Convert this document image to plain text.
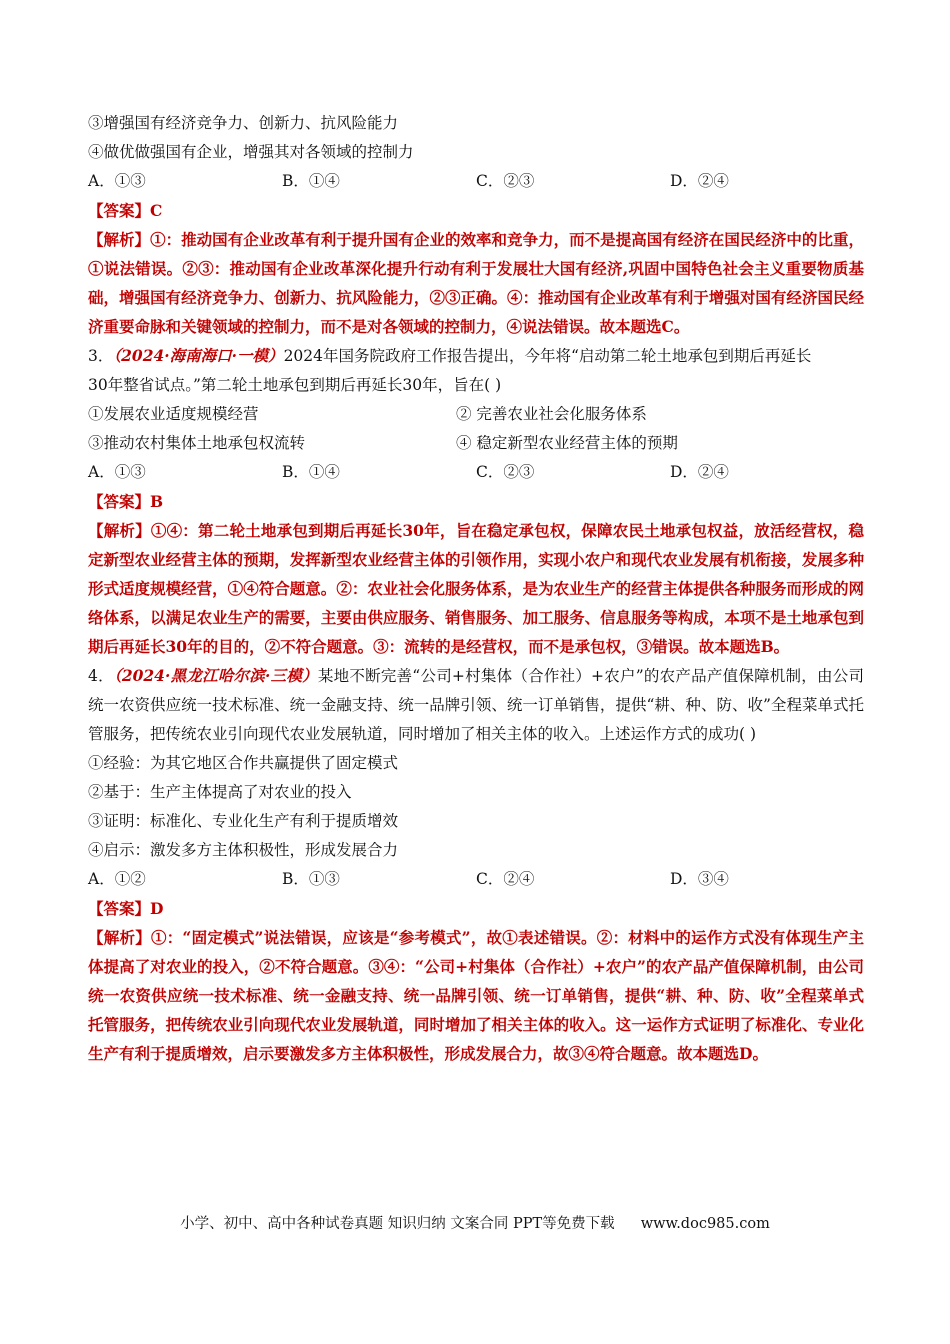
③增强国有经济竞争力、创新力、抗风险能力
④做优做强国有企业，增强其对各领域的控制力
A．①③	B．①④	C．②③	D．②④
【答案】C
【解析】①：推动国有企业改革有利于提升国有企业的效率和竞争力，而不是提高国有经济在国民经济中的比重，①说法错误。②③：推动国有企业改革深化提升行动有利于发展壮大国有经济,巩固中国特色社会主义重要物质基础，增强国有经济竞争力、创新力、抗风险能力，②③正确。④：推动国有企业改革有利于增强对国有经济国民经济重要命脉和关键领域的控制力，而不是对各领域的控制力，④说法错误。故本题选C。
3．（2024·海南海口·一模）2024年国务院政府工作报告提出，今年将“启动第二轮土地承包到期后再延长
30年整省试点。”第二轮土地承包到期后再延长30年，旨在( )
①发展农业适度规模经营	② 完善农业社会化服务体系
③推动农村集体土地承包权流转	④ 稳定新型农业经营主体的预期
A．①③	B．①④	C．②③	D．②④
【答案】B
【解析】①④：第二轮土地承包到期后再延长30年，旨在稳定承包权，保障农民土地承包权益，放活经营权，稳定新型农业经营主体的预期，发挥新型农业经营主体的引领作用，实现小农户和现代农业发展有机衔接，发展多种形式适度规模经营，①④符合题意。②：农业社会化服务体系，是为农业生产的经营主体提供各种服务而形成的网络体系，以满足农业生产的需要，主要由供应服务、销售服务、加工服务、信息服务等构成，本项不是土地承包到期后再延长30年的目的，②不符合题意。③：流转的是经营权，而不是承包权，③错误。故本题选B。
4．（2024·黑龙江哈尔滨·三模）某地不断完善“公司+村集体（合作社）+农户”的农产品产值保障机制，由公司统一农资供应统一技术标准、统一金融支持、统一品牌引领、统一订单销售，提供“耕、种、防、收”全程菜单式托管服务，把传统农业引向现代农业发展轨道，同时增加了相关主体的收入。上述运作方式的成功( )
①经验：为其它地区合作共赢提供了固定模式
②基于：生产主体提高了对农业的投入
③证明：标准化、专业化生产有利于提质增效
④启示：激发多方主体积极性，形成发展合力
A．①②	B．①③	C．②④	D．③④
【答案】D
【解析】①：“固定模式”说法错误，应该是“参考模式”，故①表述错误。②：材料中的运作方式没有体现生产主体提高了对农业的投入，②不符合题意。③④：“公司+村集体（合作社）+农户”的农产品产值保障机制，由公司统一农资供应统一技术标准、统一金融支持、统一品牌引领、统一订单销售，提供“耕、种、防、收”全程菜单式托管服务，把传统农业引向现代农业发展轨道，同时增加了相关主体的收入。这一运作方式证明了标准化、专业化生产有利于提质增效，启示要激发多方主体积极性，形成发展合力，故③④符合题意。故本题选D。
小学、初中、高中各种试卷真题 知识归纳 文案合同 PPT等免费下载 www.doc985.com
